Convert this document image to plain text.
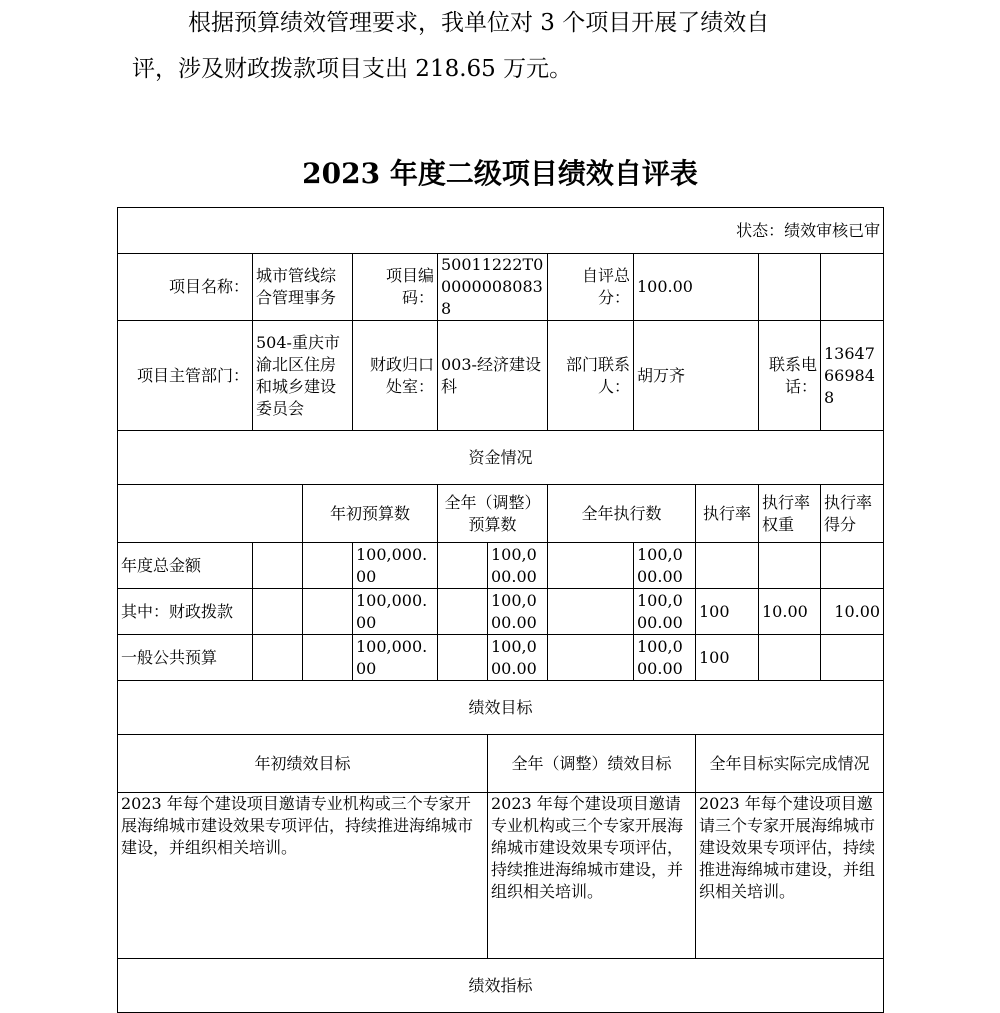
根据预算绩效管理要求，我单位对 3 个项目开展了绩效自
评，涉及财政拨款项目支出 218.65 万元。

2023 年度二级项目绩效自评表
状态：绩效审核已审										
项目名称：	城市管线综合管理事务		项目编码：	50011222T000000080838		自评总分：	100.00			
项目主管部门：	504-重庆市渝北区住房和城乡建设委员会		财政归口处室：	003-经济建设科		部门联系人：	胡万齐		联系电话：	13647669848
资金情况										
		年初预算数		全年（调整）预算数		全年执行数		执行率	执行率权重	执行率得分
年度总金额			100,000.00		100,000.00		100,000.00			
其中：财政拨款			100,000.00		100,000.00		100,000.00	100	10.00	10.00
一般公共预算			100,000.00		100,000.00		100,000.00	100		
绩效目标										
年初绩效目标					全年（调整）绩效目标			全年目标实际完成情况		
2023 年每个建设项目邀请专业机构或三个专家开展海绵城市建设效果专项评估，持续推进海绵城市建设，并组织相关培训。					2023 年每个建设项目邀请专业机构或三个专家开展海绵城市建设效果专项评估，持续推进海绵城市建设，并组织相关培训。			2023 年每个建设项目邀请三个专家开展海绵城市建设效果专项评估，持续推进海绵城市建设，并组织相关培训。		
绩效指标										
